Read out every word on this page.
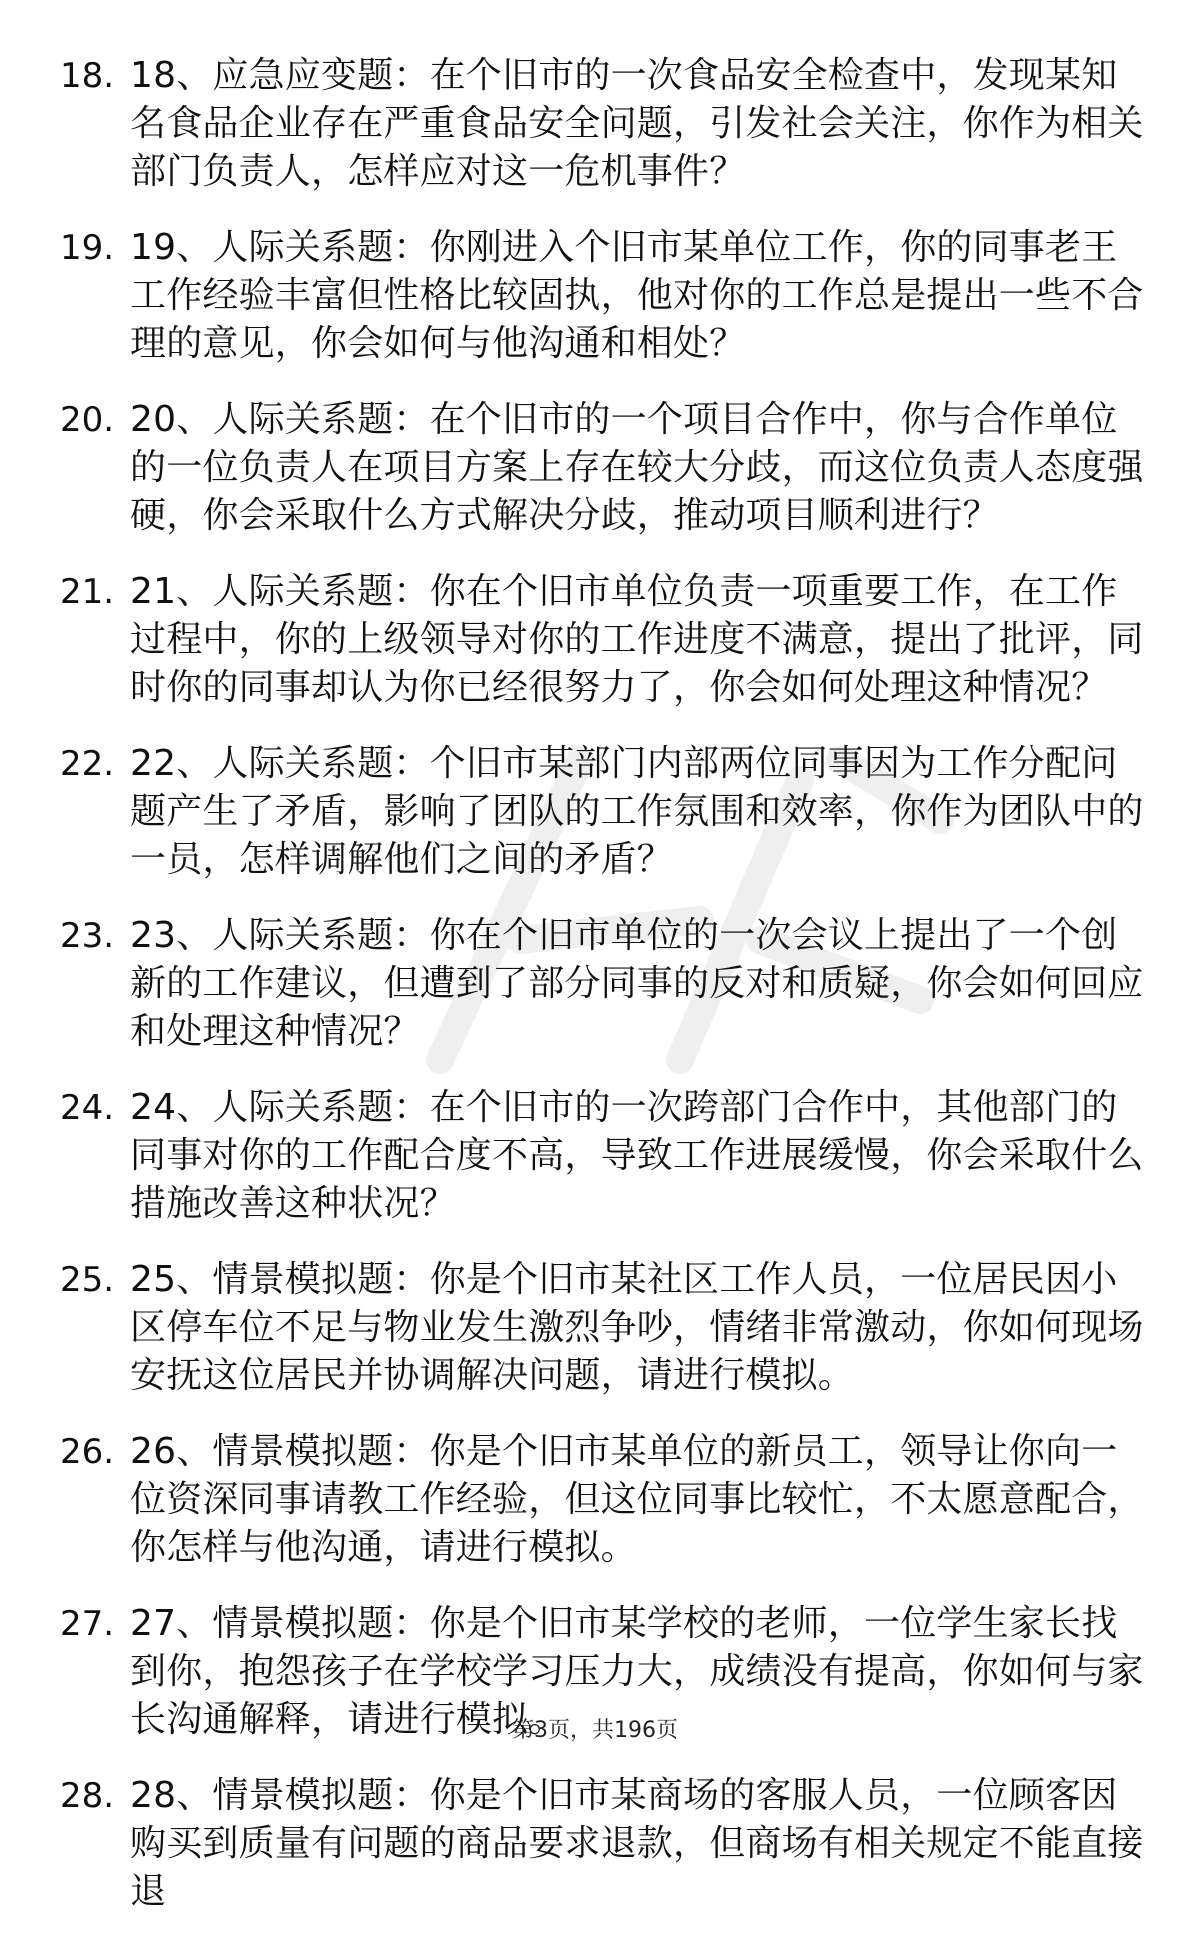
18. 18、应急应变题：在个旧市的一次食品安全检查中，发现某知名食品企业存在严重食品安全问题，引发社会关注，你作为相关部门负责人，怎样应对这一危机事件？
19. 19、人际关系题：你刚进入个旧市某单位工作，你的同事老王工作经验丰富但性格比较固执，他对你的工作总是提出一些不合理的意见，你会如何与他沟通和相处？
20. 20、人际关系题：在个旧市的一个项目合作中，你与合作单位的一位负责人在项目方案上存在较大分歧，而这位负责人态度强硬，你会采取什么方式解决分歧，推动项目顺利进行？
21. 21、人际关系题：你在个旧市单位负责一项重要工作，在工作过程中，你的上级领导对你的工作进度不满意，提出了批评，同时你的同事却认为你已经很努力了，你会如何处理这种情况？
22. 22、人际关系题：个旧市某部门内部两位同事因为工作分配问题产生了矛盾，影响了团队的工作氛围和效率，你作为团队中的一员，怎样调解他们之间的矛盾？
23. 23、人际关系题：你在个旧市单位的一次会议上提出了一个创新的工作建议，但遭到了部分同事的反对和质疑，你会如何回应和处理这种情况？
24. 24、人际关系题：在个旧市的一次跨部门合作中，其他部门的同事对你的工作配合度不高，导致工作进展缓慢，你会采取什么措施改善这种状况？
25. 25、情景模拟题：你是个旧市某社区工作人员，一位居民因小区停车位不足与物业发生激烈争吵，情绪非常激动，你如何现场安抚这位居民并协调解决问题，请进行模拟。
26. 26、情景模拟题：你是个旧市某单位的新员工，领导让你向一位资深同事请教工作经验，但这位同事比较忙，不太愿意配合，你怎样与他沟通，请进行模拟。
27. 27、情景模拟题：你是个旧市某学校的老师，一位学生家长找到你，抱怨孩子在学校学习压力大，成绩没有提高，你如何与家长沟通解释，请进行模拟。
28. 28、情景模拟题：你是个旧市某商场的客服人员，一位顾客因购买到质量有问题的商品要求退款，但商场有相关规定不能直接退
第3页，共196页
